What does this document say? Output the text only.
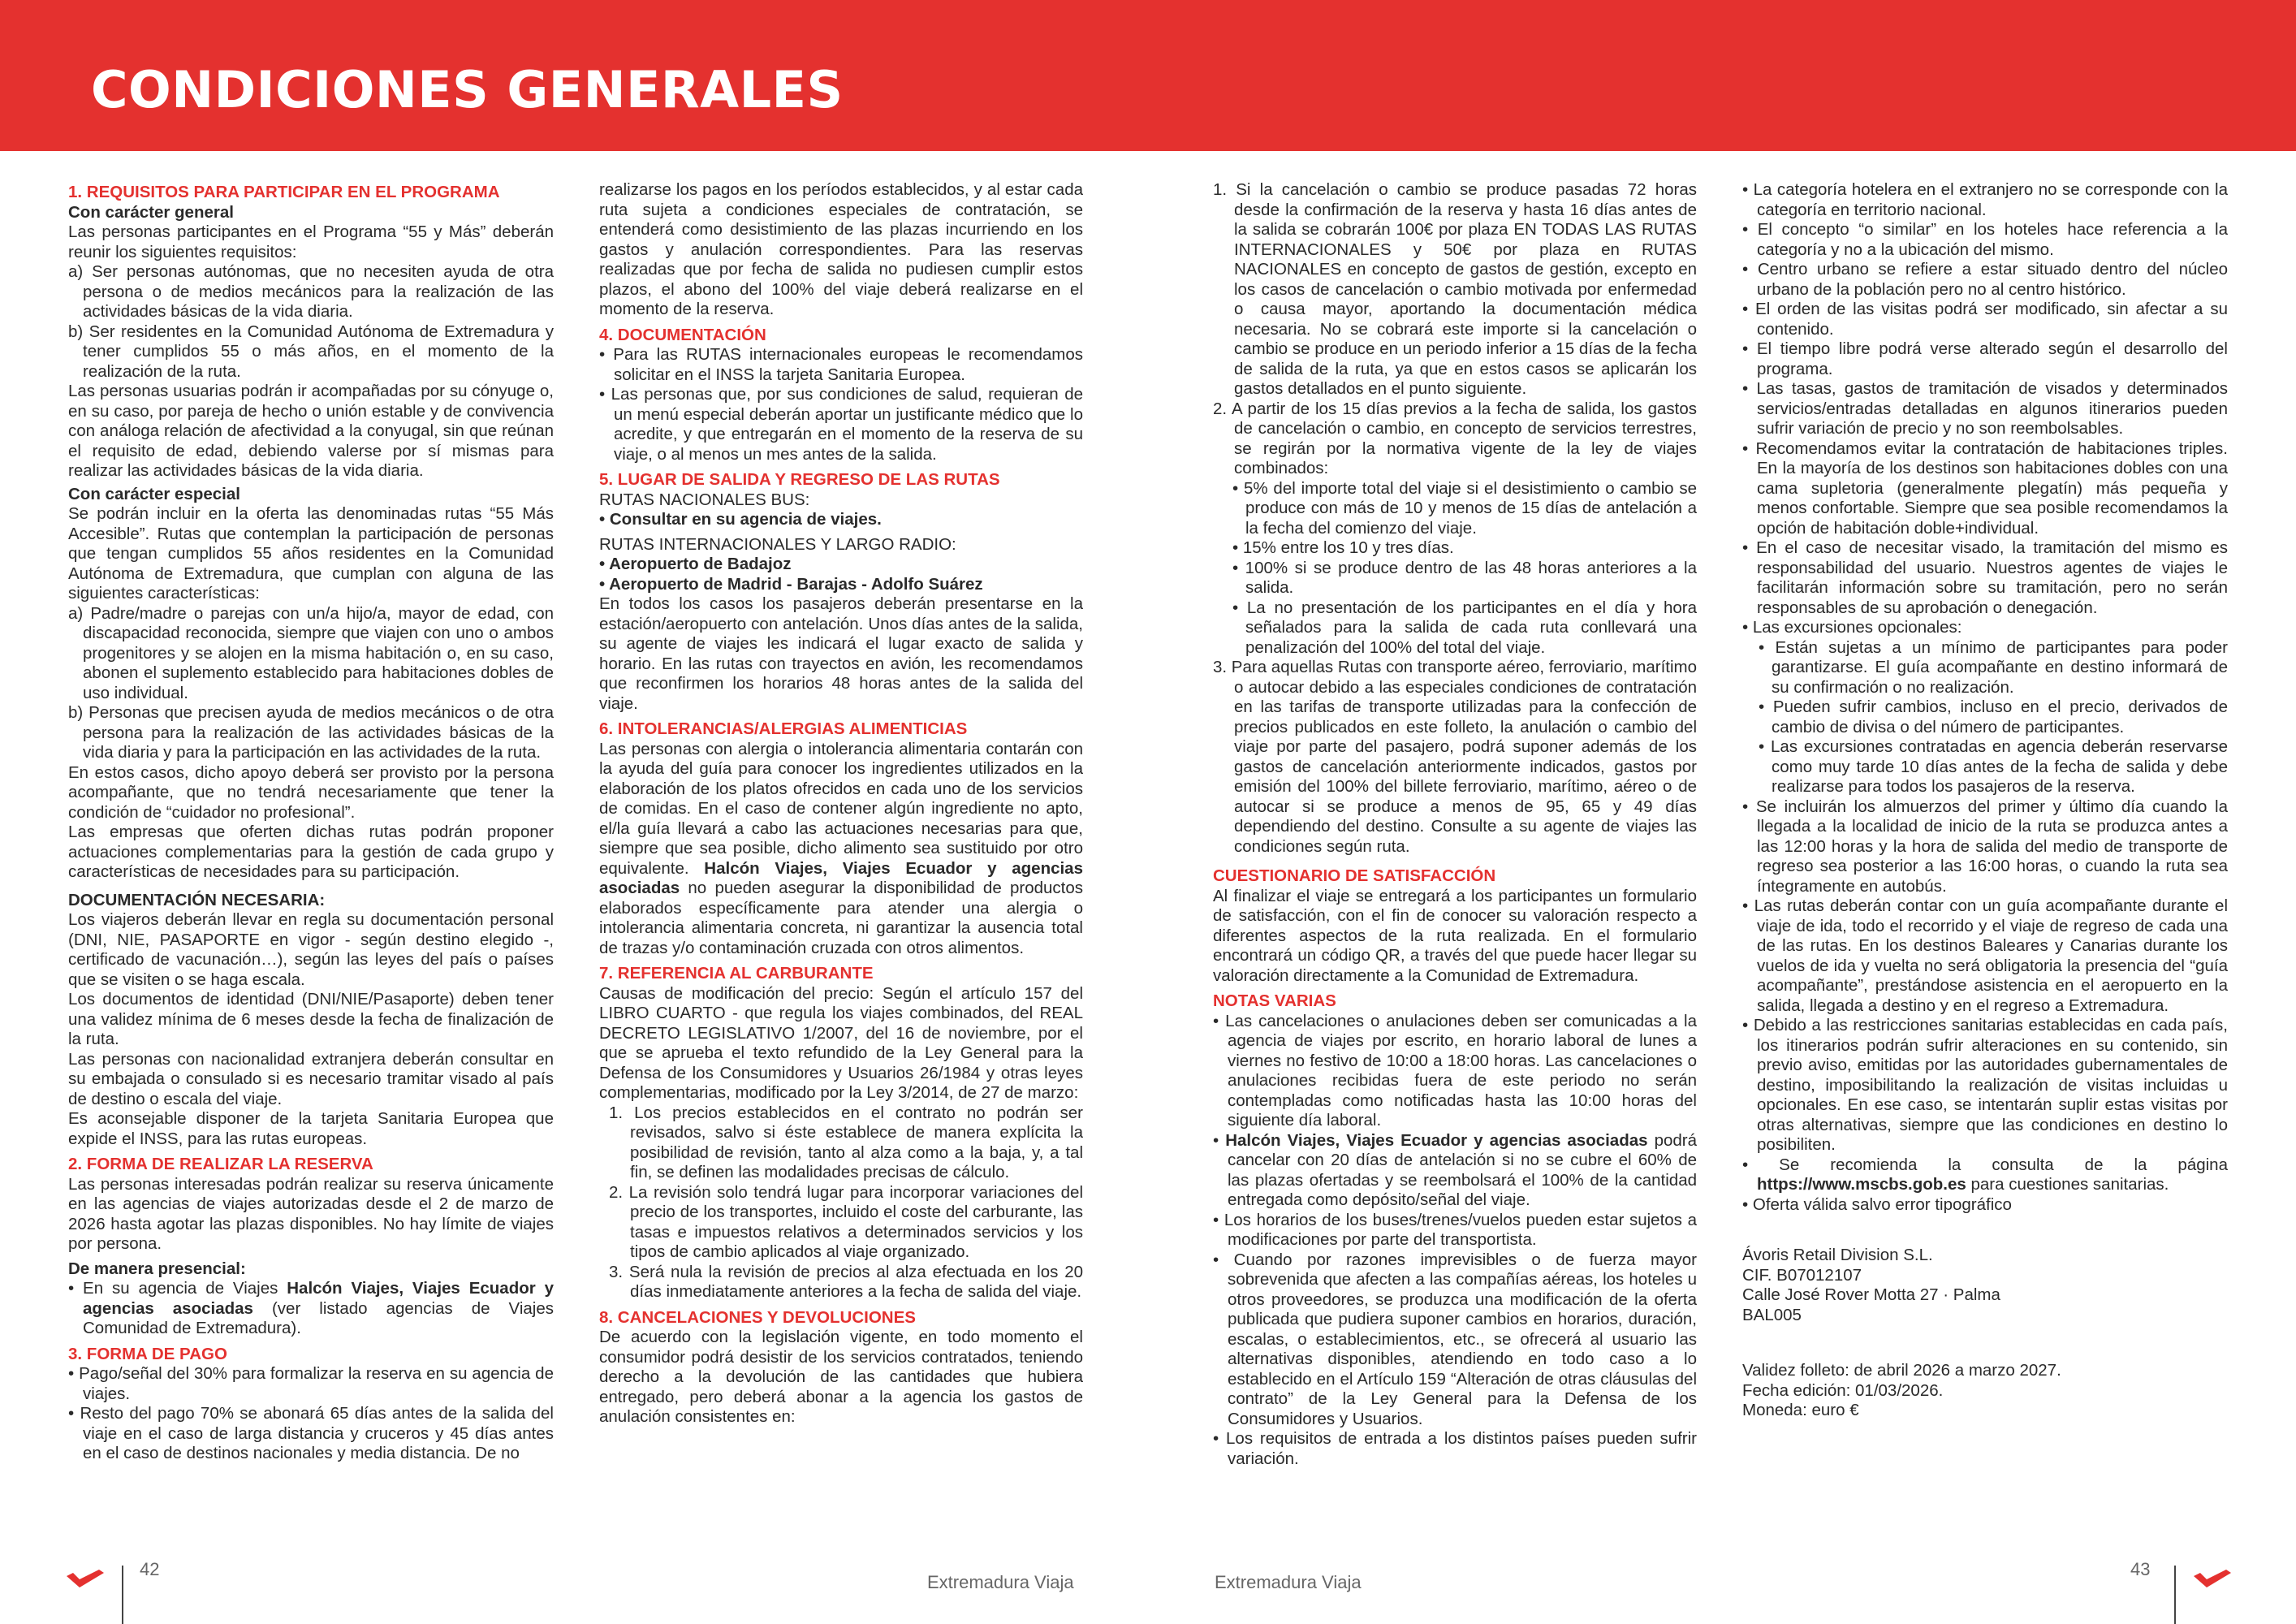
CONDICIONES GENERALES
1. REQUISITOS PARA PARTICIPAR EN EL PROGRAMA
Con carácter general

Las personas participantes en el Programa “55 y Más” deberán reunir los siguientes requisitos:

a) Ser personas autónomas, que no necesiten ayuda de otra persona o de medios mecánicos para la realización de las actividades básicas de la vida diaria.
b) Ser residentes en la Comunidad Autónoma de Extremadura y tener cumplidos 55 o más años, en el momento de la realización de la ruta.

Las personas usuarias podrán ir acompañadas por su cónyuge o, en su caso, por pareja de hecho o unión estable y de convivencia con análoga relación de afectividad a la conyugal, sin que reúnan el requisito de edad, debiendo valerse por sí mismas para realizar las actividades básicas de la vida diaria.

Con carácter especial

Se podrán incluir en la oferta las denominadas rutas “55 Más Accesible”. Rutas que contemplan la participación de personas que tengan cumplidos 55 años residentes en la Comunidad Autónoma de Extremadura, que cumplan con alguna de las siguientes características:

a) Padre/madre o parejas con un/a hijo/a, mayor de edad, con discapacidad reconocida, siempre que viajen con uno o ambos progenitores y se alojen en la misma habitación o, en su caso, abonen el suplemento establecido para habitaciones dobles de uso individual.
b) Personas que precisen ayuda de medios mecánicos o de otra persona para la realización de las actividades básicas de la vida diaria y para la participación en las actividades de la ruta.

En estos casos, dicho apoyo deberá ser provisto por la persona acompañante, que no tendrá necesariamente que tener la condición de “cuidador no profesional”.

Las empresas que oferten dichas rutas podrán proponer actuaciones complementarias para la gestión de cada grupo y características de necesidades para su participación.

DOCUMENTACIÓN NECESARIA:

Los viajeros deberán llevar en regla su documentación personal (DNI, NIE, PASAPORTE en vigor - según destino elegido -, certificado de vacunación…), según las leyes del país o países que se visiten o se haga escala.

Los documentos de identidad (DNI/NIE/Pasaporte) deben tener una validez mínima de 6 meses desde la fecha de finalización de la ruta.

Las personas con nacionalidad extranjera deberán consultar en su embajada o consulado si es necesario tramitar visado al país de destino o escala del viaje.

Es aconsejable disponer de la tarjeta Sanitaria Europea que expide el INSS, para las rutas europeas.

2. FORMA DE REALIZAR LA RESERVA

Las personas interesadas podrán realizar su reserva únicamente en las agencias de viajes autorizadas desde el 2 de marzo de 2026 hasta agotar las plazas disponibles. No hay límite de viajes por persona.

De manera presencial:
• En su agencia de Viajes Halcón Viajes, Viajes Ecuador y agencias asociadas (ver listado agencias de Viajes Comunidad de Extremadura).
3. FORMA DE PAGO
• Pago/señal del 30% para formalizar la reserva en su agencia de viajes.
• Resto del pago 70% se abonará 65 días antes de la salida del viaje en el caso de larga distancia y cruceros y 45 días antes en el caso de destinos nacionales y media distancia. De no

realizarse los pagos en los períodos establecidos, y al estar cada ruta sujeta a condiciones especiales de contratación, se entenderá como desistimiento de las plazas incurriendo en los gastos y anulación correspondientes. Para las reservas realizadas que por fecha de salida no pudiesen cumplir estos plazos, el abono del 100% del viaje deberá realizarse en el momento de la reserva.

4. DOCUMENTACIÓN
• Para las RUTAS internacionales europeas le recomendamos solicitar en el INSS la tarjeta Sanitaria Europea.
• Las personas que, por sus condiciones de salud, requieran de un menú especial deberán aportar un justificante médico que lo acredite, y que entregarán en el momento de la reserva de su viaje, o al menos un mes antes de la salida.
5. LUGAR DE SALIDA Y REGRESO DE LAS RUTAS

RUTAS NACIONALES BUS:

• Consultar en su agencia de viajes.

RUTAS INTERNACIONALES Y LARGO RADIO:

• Aeropuerto de Badajoz
• Aeropuerto de Madrid - Barajas - Adolfo Suárez

En todos los casos los pasajeros deberán presentarse en la estación/aeropuerto con antelación. Unos días antes de la salida, su agente de viajes les indicará el lugar exacto de salida y horario. En las rutas con trayectos en avión, les recomendamos que reconfirmen los horarios 48 horas antes de la salida del viaje.

6. INTOLERANCIAS/ALERGIAS ALIMENTICIAS

Las personas con alergia o intolerancia alimentaria contarán con la ayuda del guía para conocer los ingredientes utilizados en la elaboración de los platos ofrecidos en cada uno de los servicios de comidas. En el caso de contener algún ingrediente no apto, el/la guía llevará a cabo las actuaciones necesarias para que, siempre que sea posible, dicho alimento sea sustituido por otro equivalente. Halcón Viajes, Viajes Ecuador y agencias asociadas no pueden asegurar la disponibilidad de productos elaborados específicamente para atender una alergia o intolerancia alimentaria concreta, ni garantizar la ausencia total de trazas y/o contaminación cruzada con otros alimentos.

7. REFERENCIA AL CARBURANTE

Causas de modificación del precio: Según el artículo 157 del LIBRO CUARTO - que regula los viajes combinados, del REAL DECRETO LEGISLATIVO 1/2007, del 16 de noviembre, por el que se aprueba el texto refundido de la Ley General para la Defensa de los Consumidores y Usuarios 26/1984 y otras leyes complementarias, modificado por la Ley 3/2014, de 27 de marzo:

1. Los precios establecidos en el contrato no podrán ser revisados, salvo si éste establece de manera explícita la posibilidad de revisión, tanto al alza como a la baja, y, a tal fin, se definen las modalidades precisas de cálculo.
2. La revisión solo tendrá lugar para incorporar variaciones del precio de los transportes, incluido el coste del carburante, las tasas e impuestos relativos a determinados servicios y los tipos de cambio aplicados al viaje organizado.
3. Será nula la revisión de precios al alza efectuada en los 20 días inmediatamente anteriores a la fecha de salida del viaje.
8. CANCELACIONES Y DEVOLUCIONES

De acuerdo con la legislación vigente, en todo momento el consumidor podrá desistir de los servicios contratados, teniendo derecho a la devolución de las cantidades que hubiera entregado, pero deberá abonar a la agencia los gastos de anulación consistentes en:

1. Si la cancelación o cambio se produce pasadas 72 horas desde la confirmación de la reserva y hasta 16 días antes de la salida se cobrarán 100€ por plaza EN TODAS LAS RUTAS INTERNACIONALES y 50€ por plaza en RUTAS NACIONALES en concepto de gastos de gestión, excepto en los casos de cancelación o cambio motivada por enfermedad o causa mayor, aportando la documentación médica necesaria. No se cobrará este importe si la cancelación o cambio se produce en un periodo inferior a 15 días de la fecha de salida de la ruta, ya que en estos casos se aplicarán los gastos detallados en el punto siguiente.
2. A partir de los 15 días previos a la fecha de salida, los gastos de cancelación o cambio, en concepto de servicios terrestres, se regirán por la normativa vigente de la ley de viajes combinados:
• 5% del importe total del viaje si el desistimiento o cambio se produce con más de 10 y menos de 15 días de antelación a la fecha del comienzo del viaje.
• 15% entre los 10 y tres días.
• 100% si se produce dentro de las 48 horas anteriores a la salida.
• La no presentación de los participantes en el día y hora señalados para la salida de cada ruta conllevará una penalización del 100% del total del viaje.
3. Para aquellas Rutas con transporte aéreo, ferroviario, marítimo o autocar debido a las especiales condiciones de contratación en las tarifas de transporte utilizadas para la confección de precios publicados en este folleto, la anulación o cambio del viaje por parte del pasajero, podrá suponer además de los gastos de cancelación anteriormente indicados, gastos por emisión del 100% del billete ferroviario, marítimo, aéreo o de autocar si se produce a menos de 95, 65 y 49 días dependiendo del destino. Consulte a su agente de viajes las condiciones según ruta.
CUESTIONARIO DE SATISFACCIÓN

Al finalizar el viaje se entregará a los participantes un formulario de satisfacción, con el fin de conocer su valoración respecto a diferentes aspectos de la ruta realizada. En el formulario encontrará un código QR, a través del que puede hacer llegar su valoración directamente a la Comunidad de Extremadura.

NOTAS VARIAS
• Las cancelaciones o anulaciones deben ser comunicadas a la agencia de viajes por escrito, en horario laboral de lunes a viernes no festivo de 10:00 a 18:00 horas. Las cancelaciones o anulaciones recibidas fuera de este periodo no serán contempladas como notificadas hasta las 10:00 horas del siguiente día laboral.
• Halcón Viajes, Viajes Ecuador y agencias asociadas podrá cancelar con 20 días de antelación si no se cubre el 60% de las plazas ofertadas y se reembolsará el 100% de la cantidad entregada como depósito/señal del viaje.
• Los horarios de los buses/trenes/vuelos pueden estar sujetos a modificaciones por parte del transportista.
• Cuando por razones imprevisibles o de fuerza mayor sobrevenida que afecten a las compañías aéreas, los hoteles u otros proveedores, se produzca una modificación de la oferta publicada que pudiera suponer cambios en horarios, duración, escalas, o establecimientos, etc., se ofrecerá al usuario las alternativas disponibles, atendiendo en todo caso a lo establecido en el Artículo 159 “Alteración de otras cláusulas del contrato” de la Ley General para la Defensa de los Consumidores y Usuarios.
• Los requisitos de entrada a los distintos países pueden sufrir variación.
• La categoría hotelera en el extranjero no se corresponde con la categoría en territorio nacional.
• El concepto “o similar” en los hoteles hace referencia a la categoría y no a la ubicación del mismo.
• Centro urbano se refiere a estar situado dentro del núcleo urbano de la población pero no al centro histórico.
• El orden de las visitas podrá ser modificado, sin afectar a su contenido.
• El tiempo libre podrá verse alterado según el desarrollo del programa.
• Las tasas, gastos de tramitación de visados y determinados servicios/entradas detalladas en algunos itinerarios pueden sufrir variación de precio y no son reembolsables.
• Recomendamos evitar la contratación de habitaciones triples. En la mayoría de los destinos son habitaciones dobles con una cama supletoria (generalmente plegatín) más pequeña y menos confortable. Siempre que sea posible recomendamos la opción de habitación doble+individual.
• En el caso de necesitar visado, la tramitación del mismo es responsabilidad del usuario. Nuestros agentes de viajes le facilitarán información sobre su tramitación, pero no serán responsables de su aprobación o denegación.
• Las excursiones opcionales:
• Están sujetas a un mínimo de participantes para poder garantizarse. El guía acompañante en destino informará de su confirmación o no realización.
• Pueden sufrir cambios, incluso en el precio, derivados de cambio de divisa o del número de participantes.
• Las excursiones contratadas en agencia deberán reservarse como muy tarde 10 días antes de la fecha de salida y debe realizarse para todos los pasajeros de la reserva.
• Se incluirán los almuerzos del primer y último día cuando la llegada a la localidad de inicio de la ruta se produzca antes a las 12:00 horas y la hora de salida del medio de transporte de regreso sea posterior a las 16:00 horas, o cuando la ruta sea íntegramente en autobús.
• Las rutas deberán contar con un guía acompañante durante el viaje de ida, todo el recorrido y el viaje de regreso de cada una de las rutas. En los destinos Baleares y Canarias durante los vuelos de ida y vuelta no será obligatoria la presencia del “guía acompañante”, prestándose asistencia en el aeropuerto en la salida, llegada a destino y en el regreso a Extremadura.
• Debido a las restricciones sanitarias establecidas en cada país, los itinerarios podrán sufrir alteraciones en su contenido, sin previo aviso, emitidas por las autoridades gubernamentales de destino, imposibilitando la realización de visitas incluidas u opcionales. En ese caso, se intentarán suplir estas visitas por otras alternativas, siempre que las condiciones en destino lo posibiliten.
• Se recomienda la consulta de la página https://www.mscbs.gob.es para cuestiones sanitarias.
• Oferta válida salvo error tipográfico

Ávoris Retail Division S.L.

CIF. B07012107

Calle José Rover Motta 27 · Palma

BAL005

Validez folleto: de abril 2026 a marzo 2027.

Fecha edición: 01/03/2026.

Moneda: euro €

42
Extremadura Viaja	Extremadura Viaja
43
